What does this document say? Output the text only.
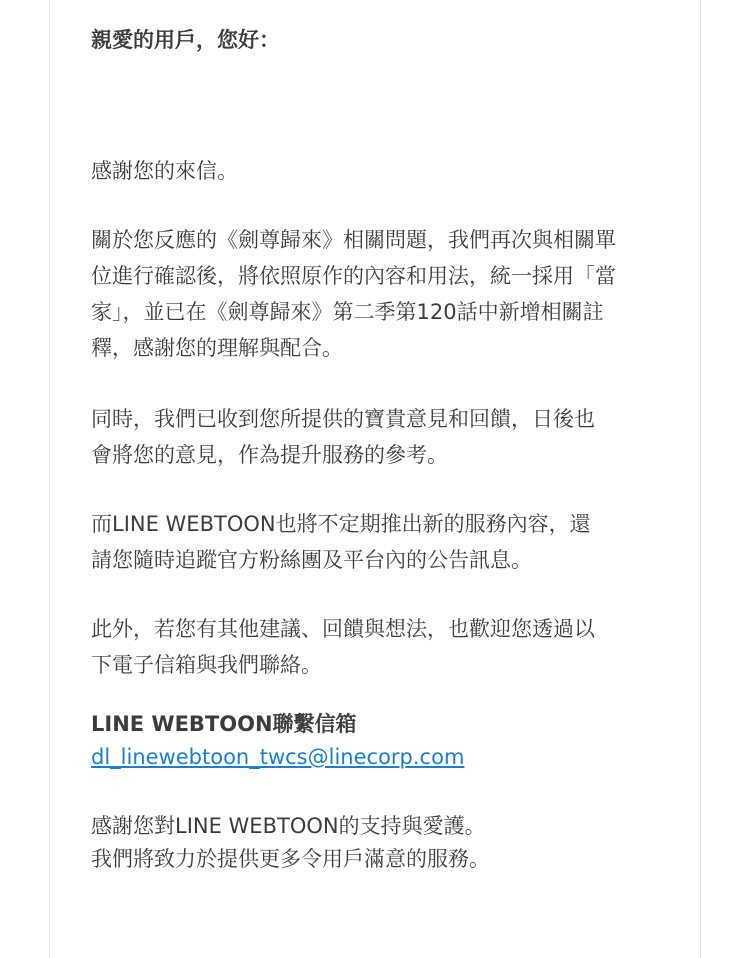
親愛的用戶，您好：

感謝您的來信。

關於您反應的《劍尊歸來》相關問題，我們再次與相關單
位進行確認後，將依照原作的內容和用法，統一採用「當
家」，並已在《劍尊歸來》第二季第120話中新增相關註
釋，感謝您的理解與配合。

同時，我們已收到您所提供的寶貴意見和回饋，日後也
會將您的意見，作為提升服務的參考。

而LINE WEBTOON也將不定期推出新的服務內容，還
請您隨時追蹤官方粉絲團及平台內的公告訊息。

此外，若您有其他建議、回饋與想法，也歡迎您透過以
下電子信箱與我們聯絡。

LINE WEBTOON聯繫信箱
dl_linewebtoon_twcs@linecorp.com

感謝您對LINE WEBTOON的支持與愛護。
我們將致力於提供更多令用戶滿意的服務。
